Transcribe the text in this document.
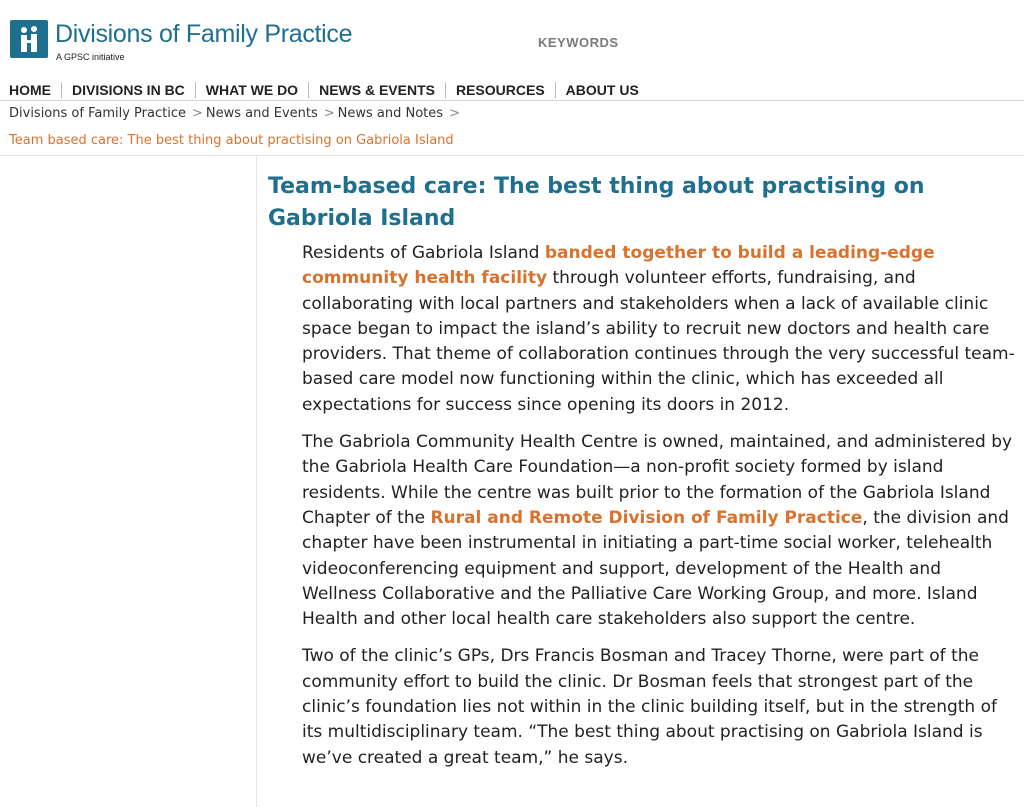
Divisions of Family Practice
A GPSC initiative
KEYWORDS
HOME	DIVISIONS IN BC	WHAT WE DO	NEWS & EVENTS	RESOURCES	ABOUT US
Divisions of Family Practice > News and Events > News and Notes >
Team based care: The best thing about practising on Gabriola Island
Team-based care: The best thing about practising on Gabriola Island

Residents of Gabriola Island banded together to build a leading-edge community health facility through volunteer efforts, fundraising, and collaborating with local partners and stakeholders when a lack of available clinic space began to impact the island’s ability to recruit new doctors and health care providers. That theme of collaboration continues through the very successful team-based care model now functioning within the clinic, which has exceeded all expectations for success since opening its doors in 2012.

The Gabriola Community Health Centre is owned, maintained, and administered by the Gabriola Health Care Foundation—a non-profit society formed by island residents. While the centre was built prior to the formation of the Gabriola Island Chapter of the Rural and Remote Division of Family Practice, the division and chapter have been instrumental in initiating a part-time social worker, telehealth videoconferencing equipment and support, development of the Health and Wellness Collaborative and the Palliative Care Working Group, and more. Island Health and other local health care stakeholders also support the centre.

Two of the clinic’s GPs, Drs Francis Bosman and Tracey Thorne, were part of the community effort to build the clinic. Dr Bosman feels that strongest part of the clinic’s foundation lies not within in the clinic building itself, but in the strength of its multidisciplinary team. “The best thing about practising on Gabriola Island is we’ve created a great team,” he says.
